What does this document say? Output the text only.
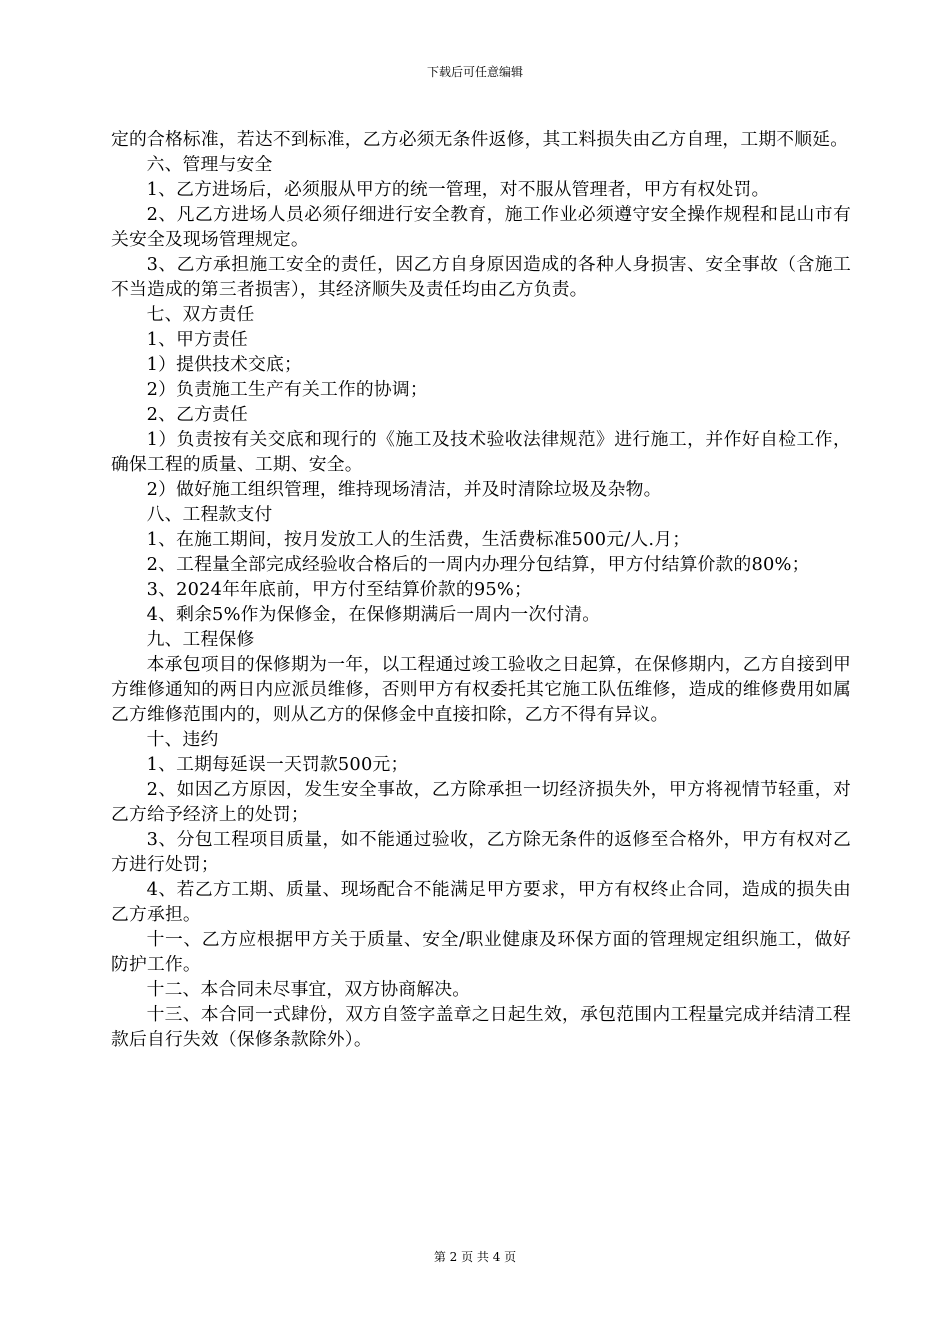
下载后可任意编辑

定的合格标准，若达不到标准，乙方必须无条件返修，其工料损失由乙方自理，工期不顺延。

六、管理与安全

1、乙方进场后，必须服从甲方的统一管理，对不服从管理者，甲方有权处罚。

2、凡乙方进场人员必须仔细进行安全教育，施工作业必须遵守安全操作规程和昆山市有关安全及现场管理规定。

3、乙方承担施工安全的责任，因乙方自身原因造成的各种人身损害、安全事故（含施工不当造成的第三者损害），其经济顺失及责任均由乙方负责。

七、双方责任

1、甲方责任

1）提供技术交底；

2）负责施工生产有关工作的协调；

2、乙方责任

1）负责按有关交底和现行的《施工及技术验收法律规范》进行施工，并作好自检工作，确保工程的质量、工期、安全。

2）做好施工组织管理，维持现场清洁，并及时清除垃圾及杂物。

八、工程款支付

1、在施工期间，按月发放工人的生活费，生活费标准500元/人.月；

2、工程量全部完成经验收合格后的一周内办理分包结算，甲方付结算价款的80%；

3、2024年年底前，甲方付至结算价款的95%；

4、剩余5%作为保修金，在保修期满后一周内一次付清。

九、工程保修

本承包项目的保修期为一年，以工程通过竣工验收之日起算，在保修期内，乙方自接到甲方维修通知的两日内应派员维修，否则甲方有权委托其它施工队伍维修，造成的维修费用如属乙方维修范围内的，则从乙方的保修金中直接扣除，乙方不得有异议。

十、违约

1、工期每延误一天罚款500元；

2、如因乙方原因，发生安全事故，乙方除承担一切经济损失外，甲方将视情节轻重，对乙方给予经济上的处罚；

3、分包工程项目质量，如不能通过验收，乙方除无条件的返修至合格外，甲方有权对乙方进行处罚；

4、若乙方工期、质量、现场配合不能满足甲方要求，甲方有权终止合同，造成的损失由乙方承担。

十一、乙方应根据甲方关于质量、安全/职业健康及环保方面的管理规定组织施工，做好防护工作。

十二、本合同未尽事宜，双方协商解决。

十三、本合同一式肆份，双方自签字盖章之日起生效，承包范围内工程量完成并结清工程款后自行失效（保修条款除外）。

第 2 页 共 4 页
